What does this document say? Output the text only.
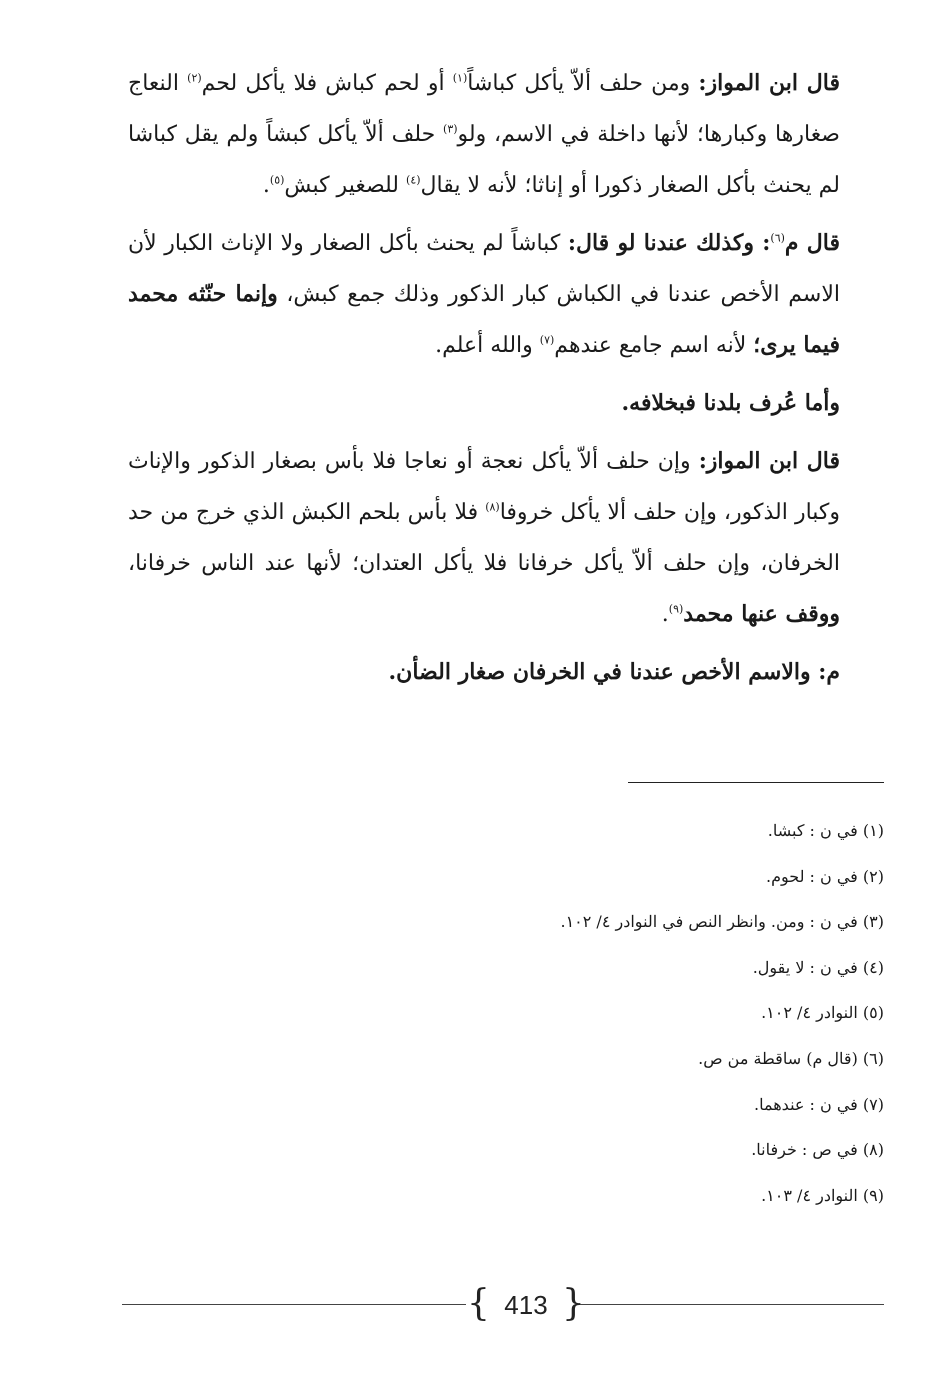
قال ابن المواز: ومن حلف ألاّ يأكل كباشاً$^{(١)}$ أو لحم كباش فلا يأكل لحم$^{(٢)}$ النعاج صغارها وكبارها؛ لأنها داخلة في الاسم، ولو$^{(٣)}$ حلف ألاّ يأكل كبشاً ولم يقل كباشا لم يحنث بأكل الصغار ذكورا أو إناثا؛ لأنه لا يقال$^{(٤)}$ للصغير كبش$^{(٥)}$.

قال م$^{(٦)}$: وكذلك عندنا لو قال: كباشاً لم يحنث بأكل الصغار ولا الإناث الكبار لأن الاسم الأخص عندنا في الكباش كبار الذكور وذلك جمع كبش، وإنما حنّثه محمد فيما يرى؛ لأنه اسم جامع عندهم$^{(٧)}$ والله أعلم.

وأما عُرف بلدنا فبخلافه.

قال ابن المواز: وإن حلف ألاّ يأكل نعجة أو نعاجا فلا بأس بصغار الذكور والإناث وكبار الذكور، وإن حلف ألا يأكل خروفا$^{(٨)}$ فلا بأس بلحم الكبش الذي خرج من حد الخرفان، وإن حلف ألاّ يأكل خرفانا فلا يأكل العتدان؛ لأنها عند الناس خرفانا، ووقف عنها محمد$^{(٩)}$.

م: والاسم الأخص عندنا في الخرفان صغار الضأن.

(١) في ن : كبشا.
(٢) في ن : لحوم.
(٣) في ن : ومن. وانظر النص في النوادر ٤/ ١٠٢.
(٤) في ن : لا يقول.
(٥) النوادر ٤/ ١٠٢.
(٦) (قال م) ساقطة من ص.
(٧) في ن : عندهما.
(٨) في ص : خرفانا.
(٩) النوادر ٤/ ١٠٣.
{ 413 }
